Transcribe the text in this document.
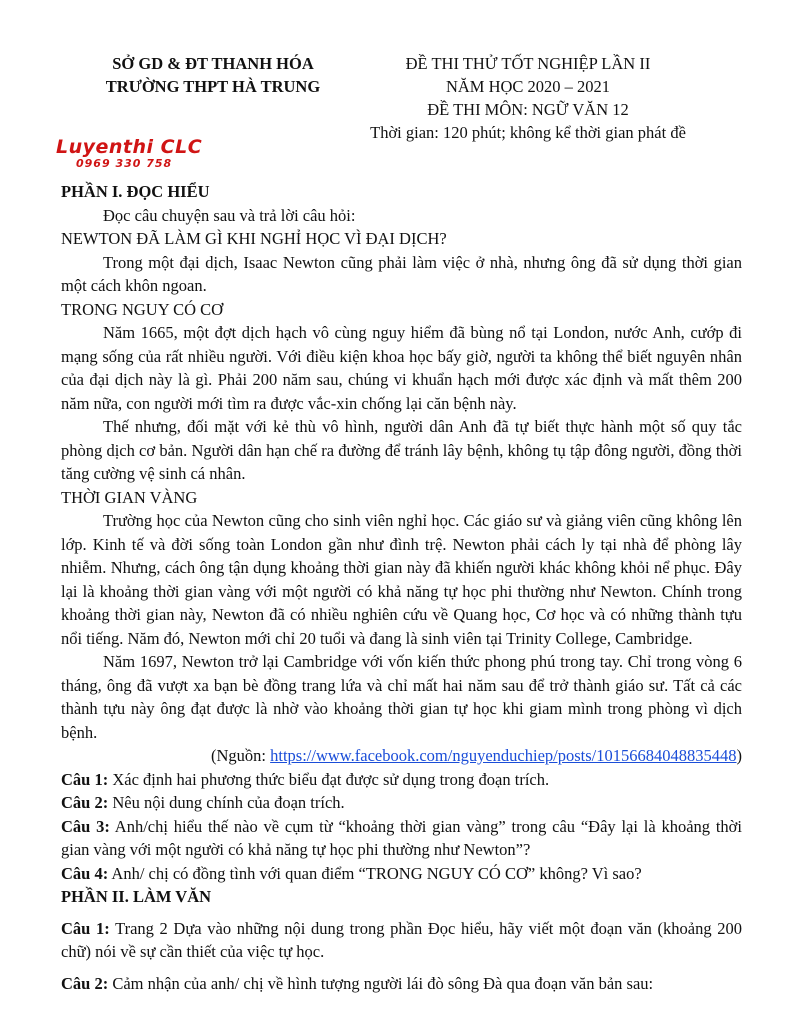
SỞ GD & ĐT THANH HÓA
TRƯỜNG THPT HÀ TRUNG
ĐỀ THI THỬ TỐT NGHIỆP LẦN II
NĂM HỌC 2020 – 2021
ĐỀ THI MÔN: NGỮ VĂN 12
Thời gian: 120 phút; không kể thời gian phát đề
Luyenthi CLC
0969 330 758

PHẦN I. ĐỌC HIỂU

Đọc câu chuyện sau và trả lời câu hỏi:

NEWTON ĐÃ LÀM GÌ KHI NGHỈ HỌC VÌ ĐẠI DỊCH?

Trong một đại dịch, Isaac Newton cũng phải làm việc ở nhà, nhưng ông đã sử dụng thời gian một cách khôn ngoan.

TRONG NGUY CÓ CƠ

Năm 1665, một đợt dịch hạch vô cùng nguy hiểm đã bùng nổ tại London, nước Anh, cướp đi mạng sống của rất nhiều người. Với điều kiện khoa học bấy giờ, người ta không thể biết nguyên nhân của đại dịch này là gì. Phải 200 năm sau, chúng vi khuẩn hạch mới được xác định và mất thêm 200 năm nữa, con người mới tìm ra được vắc-xin chống lại căn bệnh này.

Thế nhưng, đối mặt với kẻ thù vô hình, người dân Anh đã tự biết thực hành một số quy tắc phòng dịch cơ bản. Người dân hạn chế ra đường để tránh lây bệnh, không tụ tập đông người, đồng thời tăng cường vệ sinh cá nhân.

THỜI GIAN VÀNG

Trường học của Newton cũng cho sinh viên nghỉ học. Các giáo sư và giảng viên cũng không lên lớp. Kinh tế và đời sống toàn London gần như đình trệ. Newton phải cách ly tại nhà để phòng lây nhiễm. Nhưng, cách ông tận dụng khoảng thời gian này đã khiến người khác không khỏi nể phục. Đây lại là khoảng thời gian vàng với một người có khả năng tự học phi thường như Newton. Chính trong khoảng thời gian này, Newton đã có nhiều nghiên cứu về Quang học, Cơ học và có những thành tựu nổi tiếng. Năm đó, Newton mới chỉ 20 tuổi và đang là sinh viên tại Trinity College, Cambridge.

Năm 1697, Newton trở lại Cambridge với vốn kiến thức phong phú trong tay. Chỉ trong vòng 6 tháng, ông đã vượt xa bạn bè đồng trang lứa và chỉ mất hai năm sau để trở thành giáo sư. Tất cả các thành tựu này ông đạt được là nhờ vào khoảng thời gian tự học khi giam mình trong phòng vì dịch bệnh.

(Nguồn: https://www.facebook.com/nguyenduchiep/posts/10156684048835448)

Câu 1: Xác định hai phương thức biểu đạt được sử dụng trong đoạn trích.

Câu 2: Nêu nội dung chính của đoạn trích.

Câu 3: Anh/chị hiểu thế nào về cụm từ “khoảng thời gian vàng” trong câu “Đây lại là khoảng thời gian vàng với một người có khả năng tự học phi thường như Newton”?

Câu 4: Anh/ chị có đồng tình với quan điểm “TRONG NGUY CÓ CƠ” không? Vì sao?

PHẦN II. LÀM VĂN

Câu 1: Trang 2 Dựa vào những nội dung trong phần Đọc hiểu, hãy viết một đoạn văn (khoảng 200 chữ) nói về sự cần thiết của việc tự học.

Câu 2: Cảm nhận của anh/ chị về hình tượng người lái đò sông Đà qua đoạn văn bản sau:
